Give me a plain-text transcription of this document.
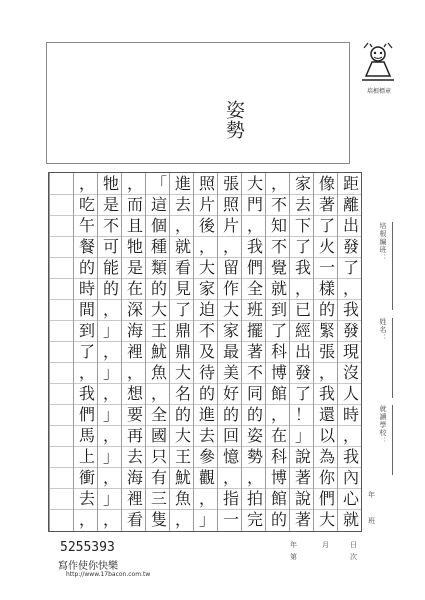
培根標章
姿勢
培根編班：
姓名：
就讀學校：
年
班
距
離
出
發
了
，
我
發
現
沒
人
時
，
我
內
心
就
像
著
了
火
一
樣
的
緊
張
，
我
還
以
為
你
們
大
家
去
下
了
我
，
已
經
出
發
了
！
」
說
著
說
著
，
不
知
不
覺
就
到
了
科
博
館
，
在
科
博
館
的
大
門
，
我
們
全
班
擺
著
不
同
的
姿
勢
，
拍
完
張
照
片
，
留
作
大
家
最
美
好
的
回
憶
，
指
一
照
片
後
，
大
家
迫
不
及
待
的
進
去
參
觀
，
」
進
去
，
就
看
見
了
鼎
鼎
大
名
的
大
王
魷
魚
，
「
這
個
種
類
的
大
王
魷
魚
，
全
國
只
有
三
隻
，
而
且
牠
是
在
深
海
裡
，
想
要
再
去
海
裡
看
牠
是
不
可
能
的
，
」
，
」
，
」
，
」
，
」
，
，
吃
午
餐
的
時
間
到
了
，
我
們
馬
上
衝
去
，
5255393
寫作使你快樂
http://www.17bacon.com.tw
年
第
月	日
次
